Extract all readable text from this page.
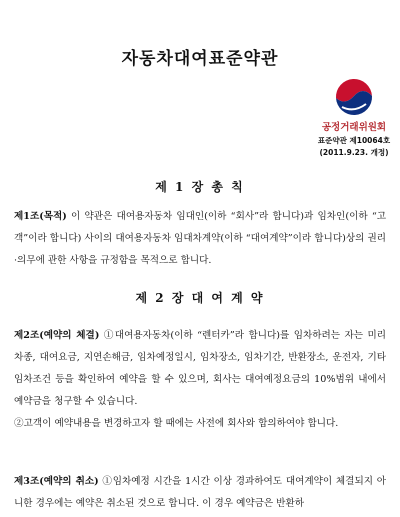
자동차대여표준약관
공정거래위원회
표준약관 제10064호
(2011.9.23. 개정)
제 1 장 총 칙

제1조(목적) 이 약관은 대여용자동차 임대인(이하 “회사”라 합니다)과 임차인(이하 “고객”이라 합니다) 사이의 대여용자동차 임대차계약(이하 “대여계약”이라 합니다)상의 권리·의무에 관한 사항을 규정함을 목적으로 합니다.

제 2 장 대 여 계 약

제2조(예약의 체결) ①대여용자동차(이하 “렌터카”라 합니다)를 임차하려는 자는 미리 차종, 대여요금, 지연손해금, 임차예정일시, 임차장소, 임차기간, 반환장소, 운전자, 기타 임차조건 등을 확인하여 예약을 할 수 있으며, 회사는 대여예정요금의 10%범위 내에서 예약금을 청구할 수 있습니다.

②고객이 예약내용을 변경하고자 할 때에는 사전에 회사와 합의하여야 합니다.

제3조(예약의 취소) ①임차예정 시간을 1시간 이상 경과하여도 대여계약이 체결되지 아니한 경우에는 예약은 취소된 것으로 합니다. 이 경우 예약금은 반환하
